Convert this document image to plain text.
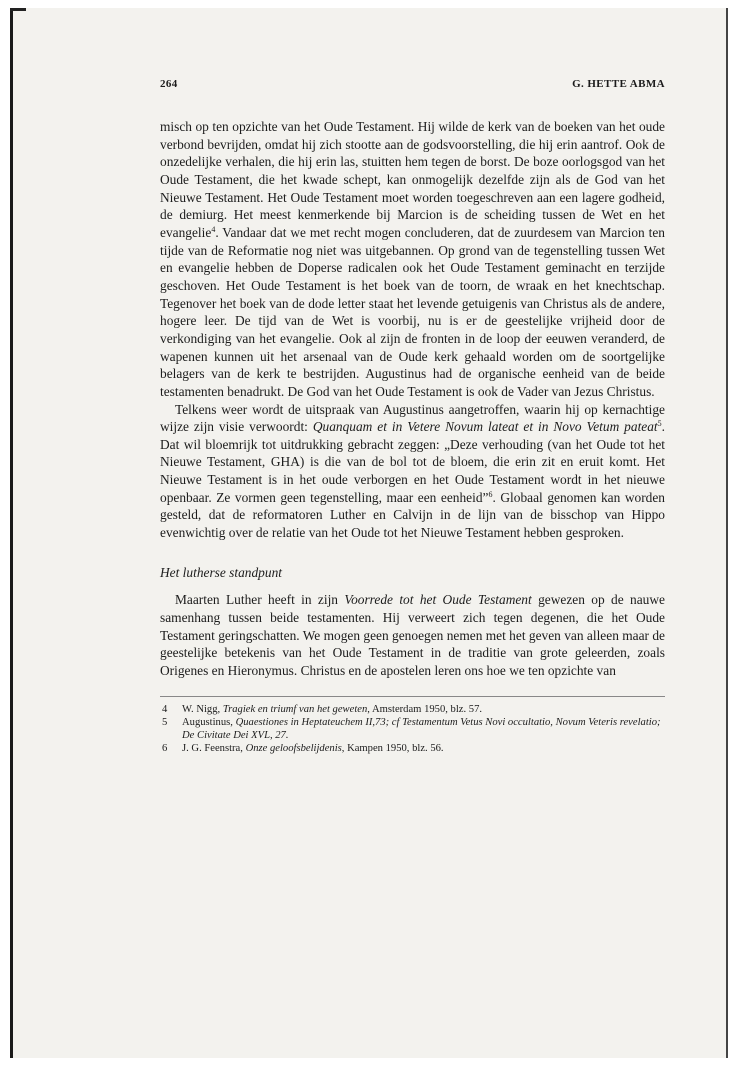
264	G. HETTE ABMA

misch op ten opzichte van het Oude Testament. Hij wilde de kerk van de boeken van het oude verbond bevrijden, omdat hij zich stootte aan de godsvoorstelling, die hij erin aantrof. Ook de onzedelijke verhalen, die hij erin las, stuitten hem tegen de borst. De boze oorlogsgod van het Oude Testament, die het kwade schept, kan onmogelijk dezelfde zijn als de God van het Nieuwe Testament. Het Oude Testament moet worden toegeschreven aan een lagere godheid, de demiurg. Het meest kenmerkende bij Marcion is de scheiding tussen de Wet en het evangelie$^4$. Vandaar dat we met recht mogen concluderen, dat de zuurdesem van Marcion ten tijde van de Reformatie nog niet was uitgebannen. Op grond van de tegenstelling tussen Wet en evangelie hebben de Doperse radicalen ook het Oude Testament geminacht en terzijde geschoven. Het Oude Testament is het boek van de toorn, de wraak en het knechtschap. Tegenover het boek van de dode letter staat het levende getuigenis van Christus als de andere, hogere leer. De tijd van de Wet is voorbij, nu is er de geestelijke vrijheid door de verkondiging van het evangelie. Ook al zijn de fronten in de loop der eeuwen veranderd, de wapenen kunnen uit het arsenaal van de Oude kerk gehaald worden om de soortgelijke belagers van de kerk te bestrijden. Augustinus had de organische eenheid van de beide testamenten benadrukt. De God van het Oude Testament is ook de Vader van Jezus Christus.

Telkens weer wordt de uitspraak van Augustinus aangetroffen, waarin hij op kernachtige wijze zijn visie verwoordt: Quanquam et in Vetere Novum lateat et in Novo Vetum pateat$^5$. Dat wil bloemrijk tot uitdrukking gebracht zeggen: „Deze verhouding (van het Oude tot het Nieuwe Testament, GHA) is die van de bol tot de bloem, die erin zit en eruit komt. Het Nieuwe Testament is in het oude verborgen en het Oude Testament wordt in het nieuwe openbaar. Ze vormen geen tegenstelling, maar een eenheid”$^6$. Globaal genomen kan worden gesteld, dat de reformatoren Luther en Calvijn in de lijn van de bisschop van Hippo evenwichtig over de relatie van het Oude tot het Nieuwe Testament hebben gesproken.

Het lutherse standpunt

Maarten Luther heeft in zijn Voorrede tot het Oude Testament gewezen op de nauwe samenhang tussen beide testamenten. Hij verweert zich tegen degenen, die het Oude Testament geringschatten. We mogen geen genoegen nemen met het geven van alleen maar de geestelijke betekenis van het Oude Testament in de traditie van grote geleerden, zoals Origenes en Hieronymus. Christus en de apostelen leren ons hoe we ten opzichte van

4	W. Nigg, Tragiek en triumf van het geweten, Amsterdam 1950, blz. 57.
5	Augustinus, Quaestiones in Heptateuchem II,73; cf Testamentum Vetus Novi occultatio, Novum Veteris revelatio; De Civitate Dei XVL, 27.
6	J. G. Feenstra, Onze geloofsbelijdenis, Kampen 1950, blz. 56.
